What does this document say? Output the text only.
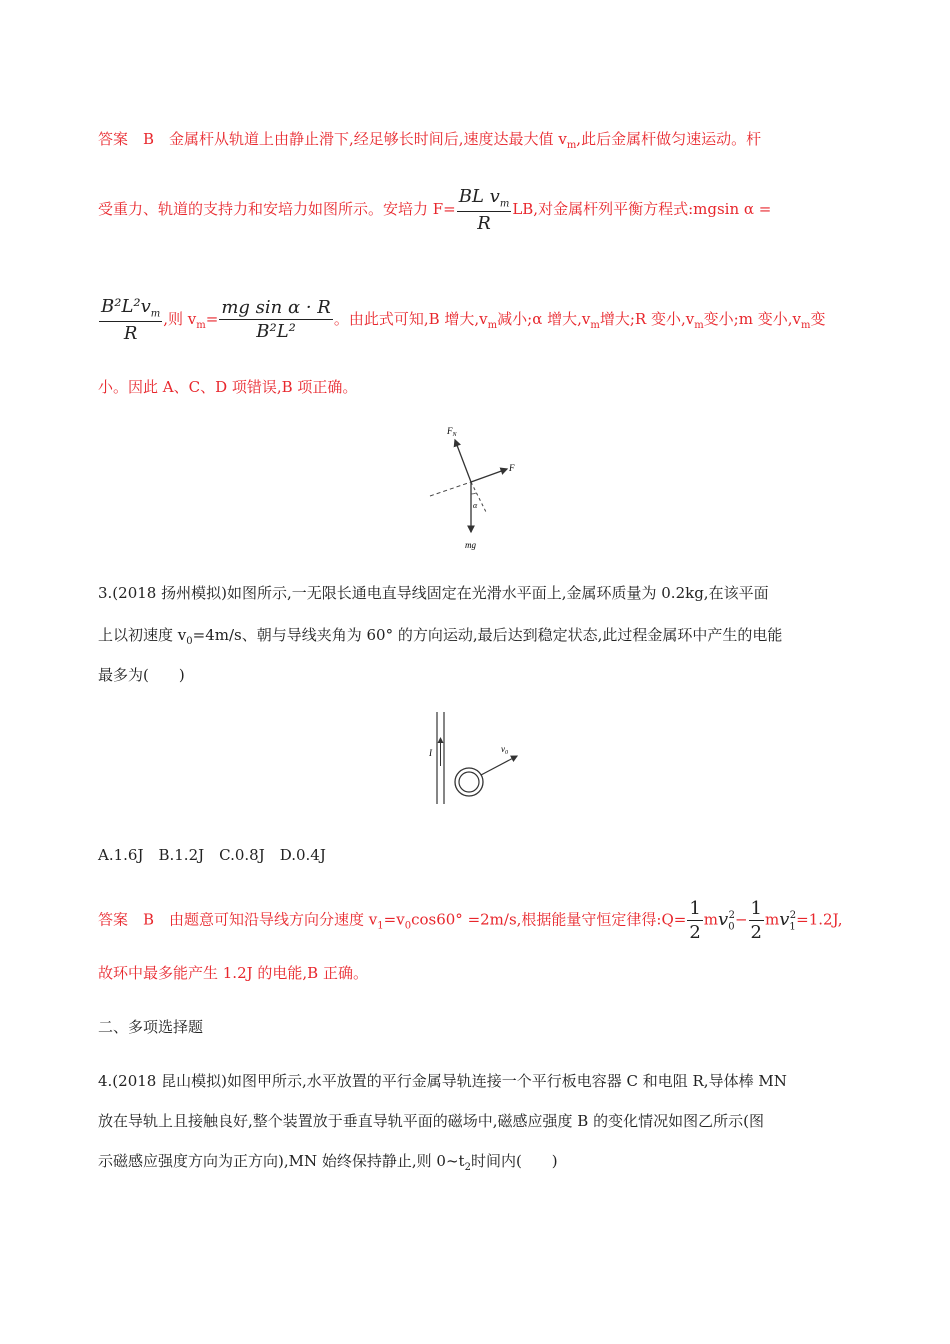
答案　B　金属杆从轨道上由静止滑下,经足够长时间后,速度达最大值 $v_m$,此后金属杆做匀速运动。杆
受重力、轨道的支持力和安培力如图所示。安培力 $F= \frac{BL v_m}{R}$ LB,对金属杆列平衡方程式:mgsin α =
$\frac{B^2L^2v_m}{R}$ ,则 $v_m= \frac{\text{mg sin α · R}}{\text{B²L²}}$ 。由此式可知,B 增大$,v_m$减小;α 增大$,v_m$增大;R 变小$,v_m$变小;m 变小$,v_m$变
小。因此 A、C、D 项错误,B 项正确。
$F_N$
F
α
mg
3.(2018 扬州模拟)如图所示,一无限长通电直导线固定在光滑水平面上,金属环质量为 0.2kg,在该平面
上以初速度 $v_0=4m/s$、朝与导线夹角为 60° 的方向运动,最后达到稳定状态,此过程金属环中产生的电能
最多为(　　)
I	$v_0$
A.1.6J　B.1.2J　C.0.8J　D.0.4J
答案　B　由题意可知沿导线方向分速度 $v_1=v_0\cos 60^\circ =2m/s$,根据能量守恒定律得:Q= $\frac{1}{2} mv_0^2- \frac{1}{2} mv_1^2=1.2J$,
故环中最多能产生 1.2J 的电能,B 正确。
二、多项选择题
4.(2018 昆山模拟)如图甲所示,水平放置的平行金属导轨连接一个平行板电容器 C 和电阻 R,导体棒 MN
放在导轨上且接触良好,整个装置放于垂直导轨平面的磁场中,磁感应强度 B 的变化情况如图乙所示(图
示磁感应强度方向为正方向),MN 始终保持静止,则 $0\sim t_2$时间内(　　)
